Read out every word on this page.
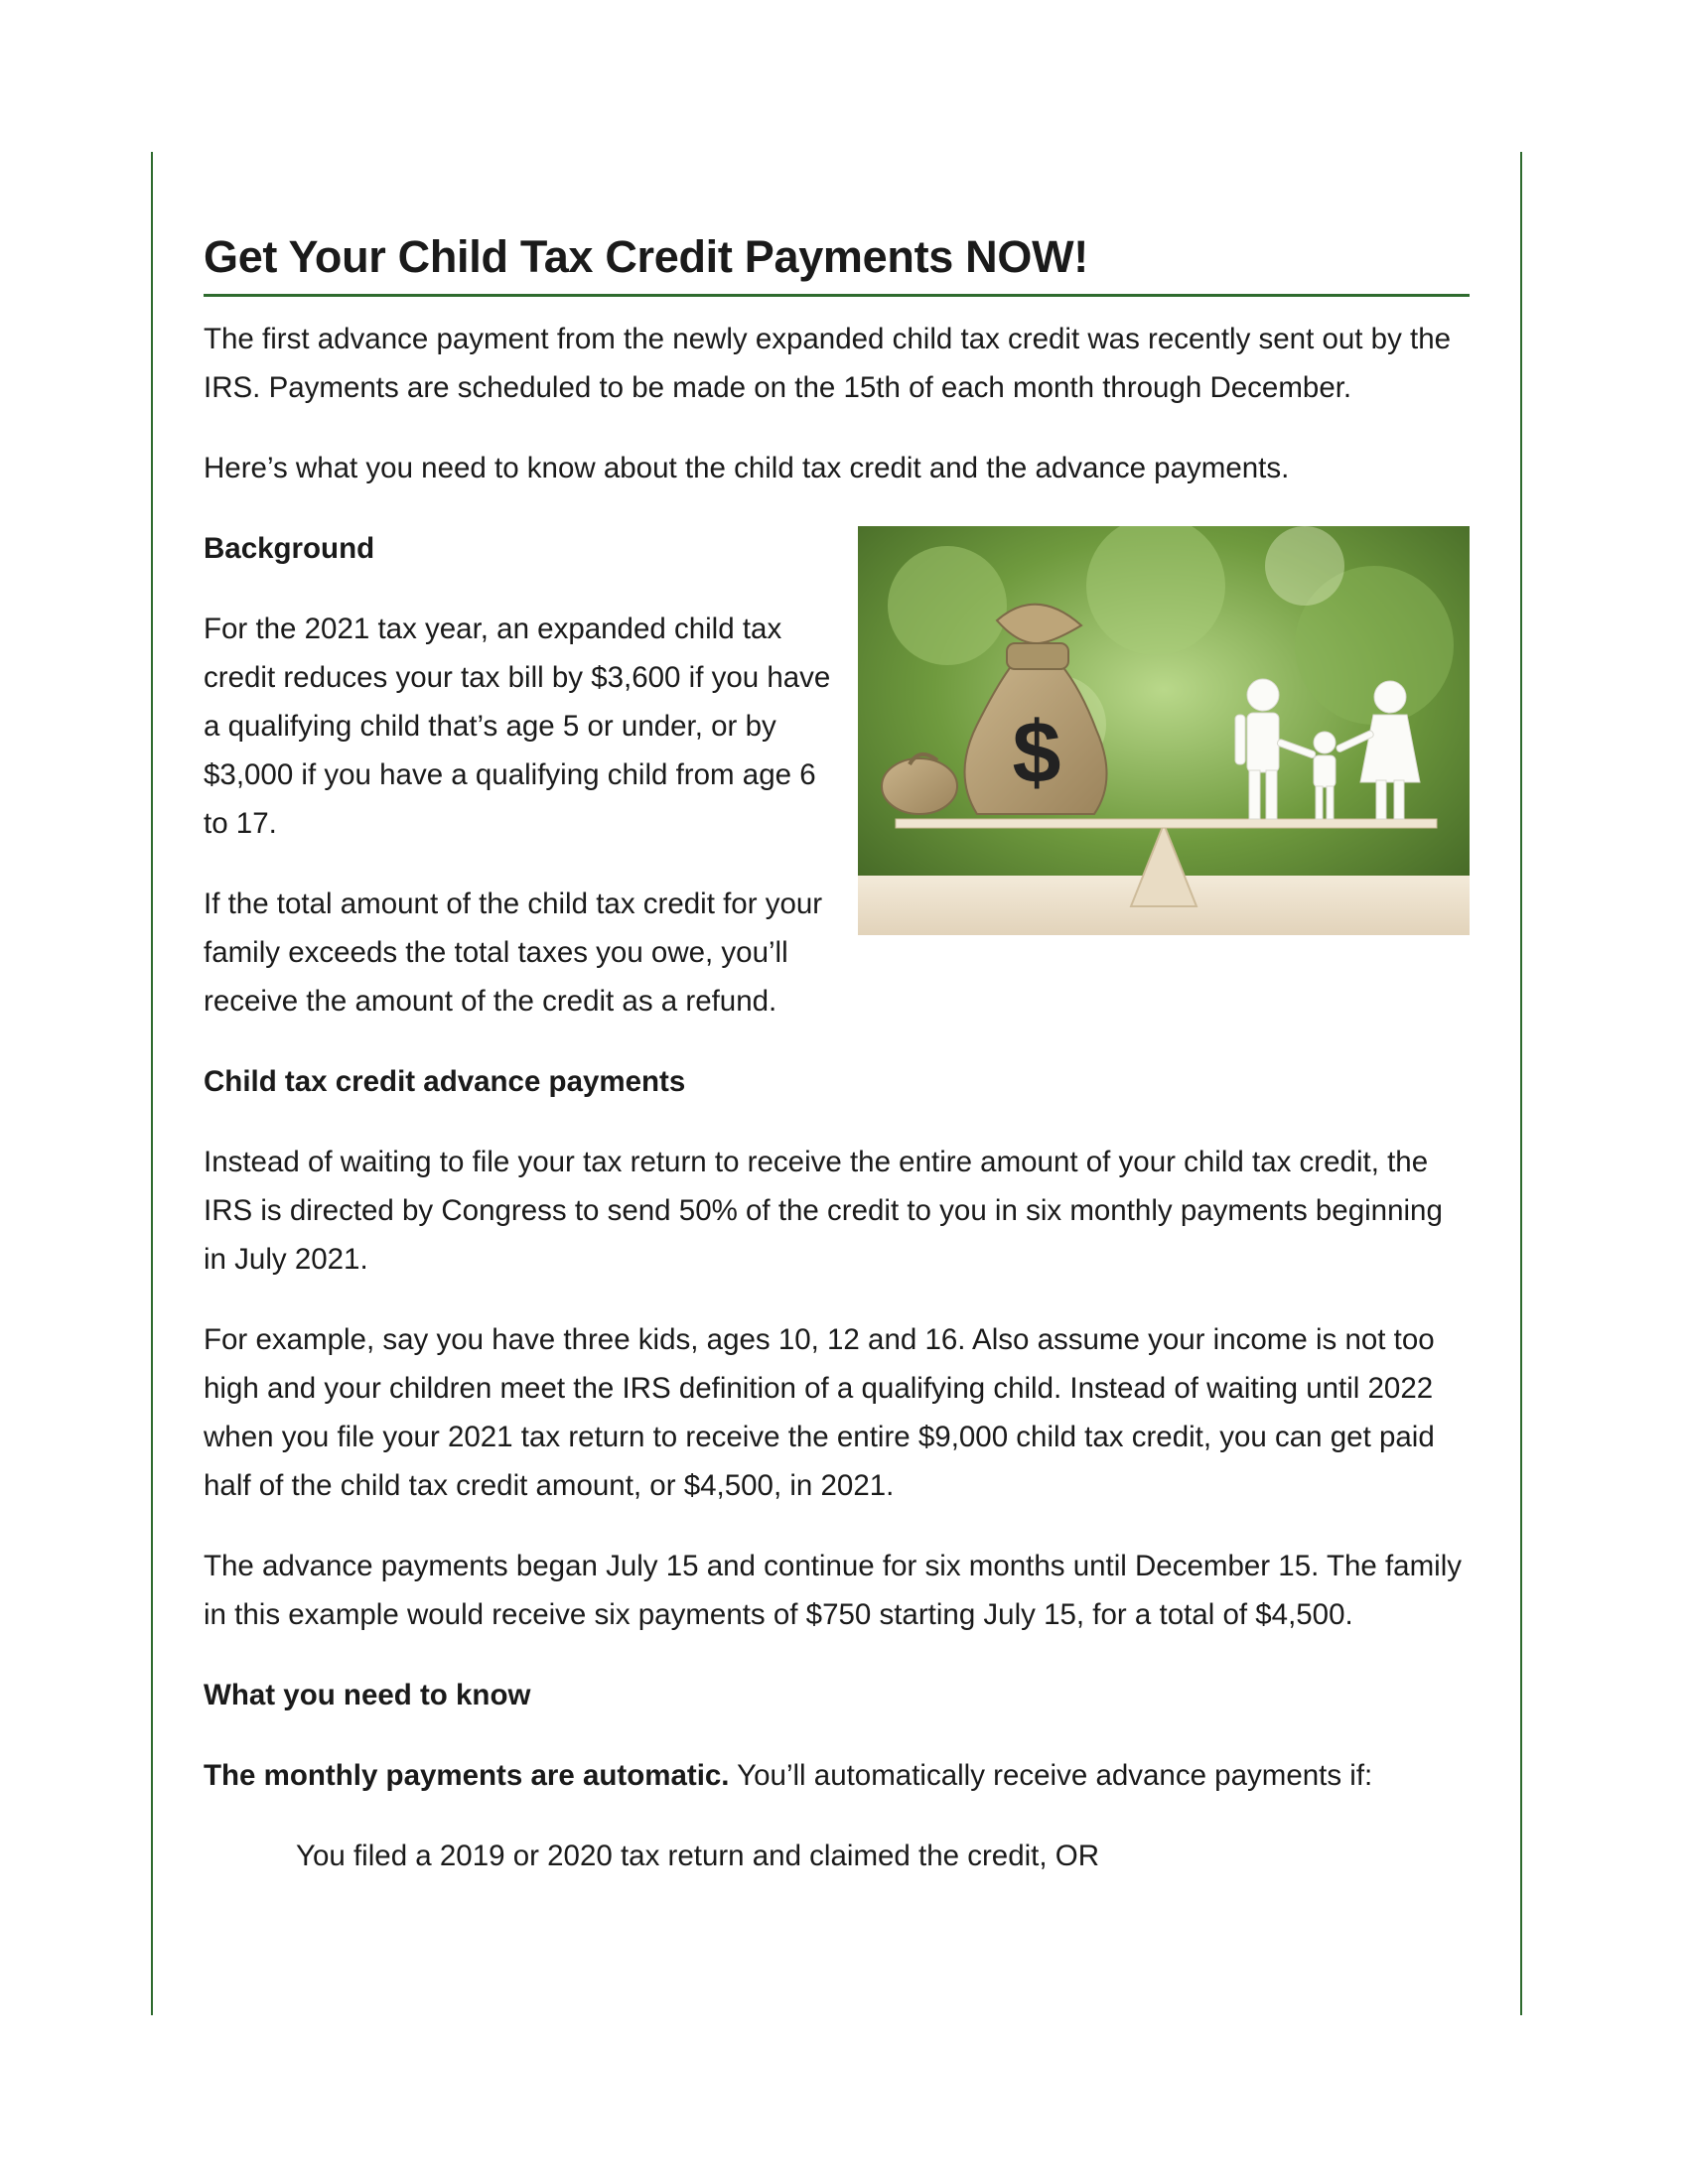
Get Your Child Tax Credit Payments NOW!

The first advance payment from the newly expanded child tax credit was recently sent out by the IRS. Payments are scheduled to be made on the 15th of each month through December.

Here’s what you need to know about the child tax credit and the advance payments.

$

Background

For the 2021 tax year, an expanded child tax credit reduces your tax bill by $3,600 if you have a qualifying child that’s age 5 or under, or by $3,000 if you have a qualifying child from age 6 to 17.

If the total amount of the child tax credit for your family exceeds the total taxes you owe, you’ll receive the amount of the credit as a refund.

Child tax credit advance payments

Instead of waiting to file your tax return to receive the entire amount of your child tax credit, the IRS is directed by Congress to send 50% of the credit to you in six monthly payments beginning in July 2021.

For example, say you have three kids, ages 10, 12 and 16. Also assume your income is not too high and your children meet the IRS definition of a qualifying child. Instead of waiting until 2022 when you file your 2021 tax return to receive the entire $9,000 child tax credit, you can get paid half of the child tax credit amount, or $4,500, in 2021.

The advance payments began July 15 and continue for six months until December 15. The family in this example would receive six payments of $750 starting July 15, for a total of $4,500.

What you need to know

The monthly payments are automatic. You’ll automatically receive advance payments if:

You filed a 2019 or 2020 tax return and claimed the credit, OR
